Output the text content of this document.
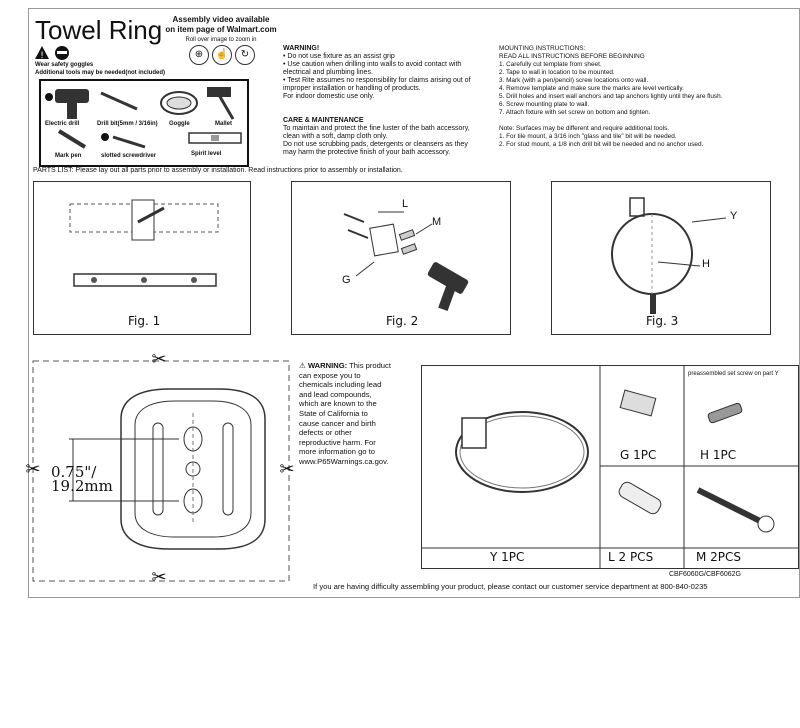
Towel Ring	Assembly video available
on item page of Walmart.com
Roll over image to zoom in
⊕	☝	↻
!
Wear safety goggles
Additional tools may be needed(not included)
Electric drill	Drill bit(5mm / 3/16in) Goggle	Mallet
Mark pen	slotted screwdriver	Spirit level
WARNING!
• Do not use fixture as an assist grip
• Use caution when drilling into walls to avoid contact with
electrical and plumbing lines.
• Test Rite assumes no responsibility for claims arising out of
improper installation or handling of products.
For indoor domestic use only.
CARE & MAINTENANCE
To maintain and protect the fine luster of the bath accessory,
clean with a soft, damp cloth only.
Do not use scrubbing pads, detergents or cleansers as they
may harm the protective finish of your bath accessory.
MOUNTING INSTRUCTIONS:
READ ALL INSTRUCTIONS BEFORE BEGINNING
1. Carefully cut template from sheet.
2. Tape to wall in location to be mounted.
3. Mark (with a pen/pencil) screw locations onto wall.
4. Remove template and make sure the marks are level vertically.
5. Drill holes and insert wall anchors and tap anchors lightly until they are flush.
6. Screw mounting plate to wall.
7. Attach fixture with set screw on bottom and tighten.
Note: Surfaces may be different and require additional tools.
1. For tile mount, a 3/16 inch "glass and tile" bit will be needed.
2. For stud mount, a 1/8 inch drill bit will be needed and no anchor used.
PARTS LIST: Please lay out all parts prior to assembly or installation. Read instructions prior to assembly or installation.
Fig. 1
L
M
G
Fig. 2
Y
H
Fig. 3
✂
✂
✂	✂
0.75"/
19.2mm
⚠ WARNING: This product
can expose you to
chemicals including lead
and lead compounds,
which are known to the
State of California to
cause cancer and birth
defects or other
reproductive harm. For
more information go to
www.P65Warnings.ca.gov.
preassembled set screw on part Y
G 1PC	H 1PC
Y 1PC	L 2 PCS	M 2PCS
CBF6060G/CBF6062G
If you are having difficulty assembling your product, please contact our customer service department at 800-840-0235
